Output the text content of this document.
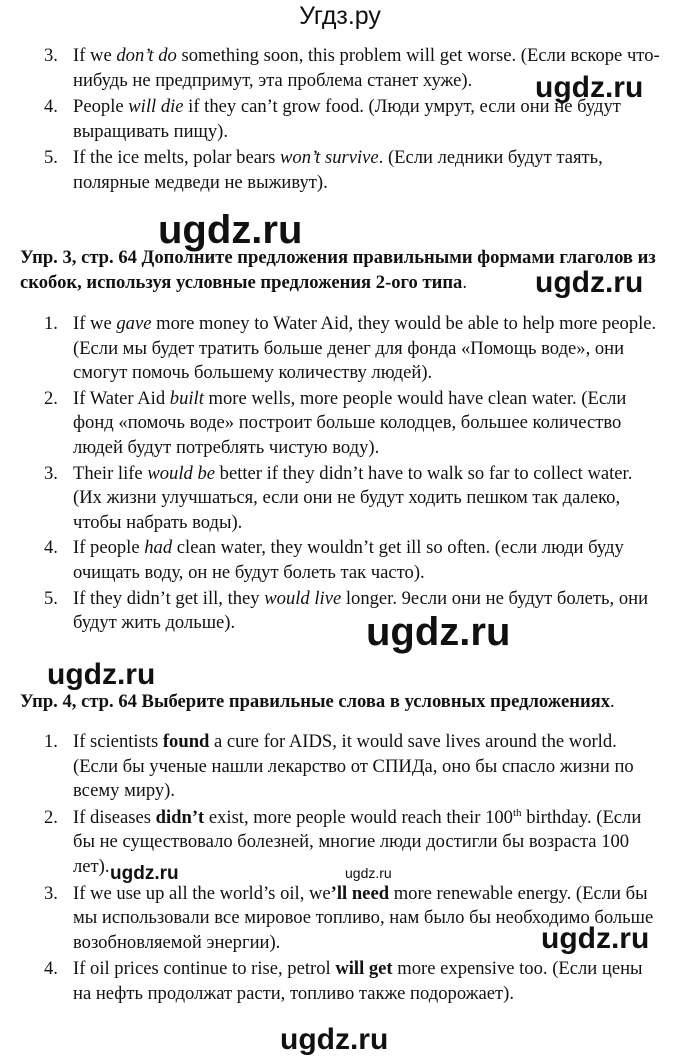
Угдз.ру
3. If we don’t do something soon, this problem will get worse. (Если вскоре что-нибудь не предпримут, эта проблема станет хуже).
4. People will die if they can’t grow food. (Люди умрут, если они не будут выращивать пищу).
5. If the ice melts, polar bears won’t survive. (Если ледники будут таять, полярные медведи не выживут).
Упр. 3, стр. 64 Дополните предложения правильными формами глаголов из скобок, используя условные предложения 2-ого типа.
1. If we gave more money to Water Aid, they would be able to help more people. (Если мы будет тратить больше денег для фонда «Помощь воде», они смогут помочь большему количеству людей).
2. If Water Aid built more wells, more people would have clean water. (Если фонд «помочь воде» построит больше колодцев, большее количество людей будут потреблять чистую воду).
3. Their life would be better if they didn’t have to walk so far to collect water. (Их жизни улучшаться, если они не будут ходить пешком так далеко, чтобы набрать воды).
4. If people had clean water, they wouldn’t get ill so often. (если люди буду очищать воду, он не будут болеть так часто).
5. If they didn’t get ill, they would live longer. 9если они не будут болеть, они будут жить дольше).
Упр. 4, стр. 64 Выберите правильные слова в условных предложениях.
1. If scientists found a cure for AIDS, it would save lives around the world. (Если бы ученые нашли лекарство от СПИДа, оно бы спасло жизни по всему миру).
2. If diseases didn’t exist, more people would reach their 100th birthday. (Если бы не существовало болезней, многие люди достигли бы возраста 100 лет).
3. If we use up all the world’s oil, we’ll need more renewable energy. (Если бы мы использовали все мировое топливо, нам было бы необходимо больше возобновляемой энергии).
4. If oil prices continue to rise, petrol will get more expensive too. (Если цены на нефть продолжат расти, топливо также подорожает).
ugdz.ru
ugdz.ru
ugdz.ru
ugdz.ru
ugdz.ru
ugdz.ru	ugdz.ru
ugdz.ru
ugdz.ru
